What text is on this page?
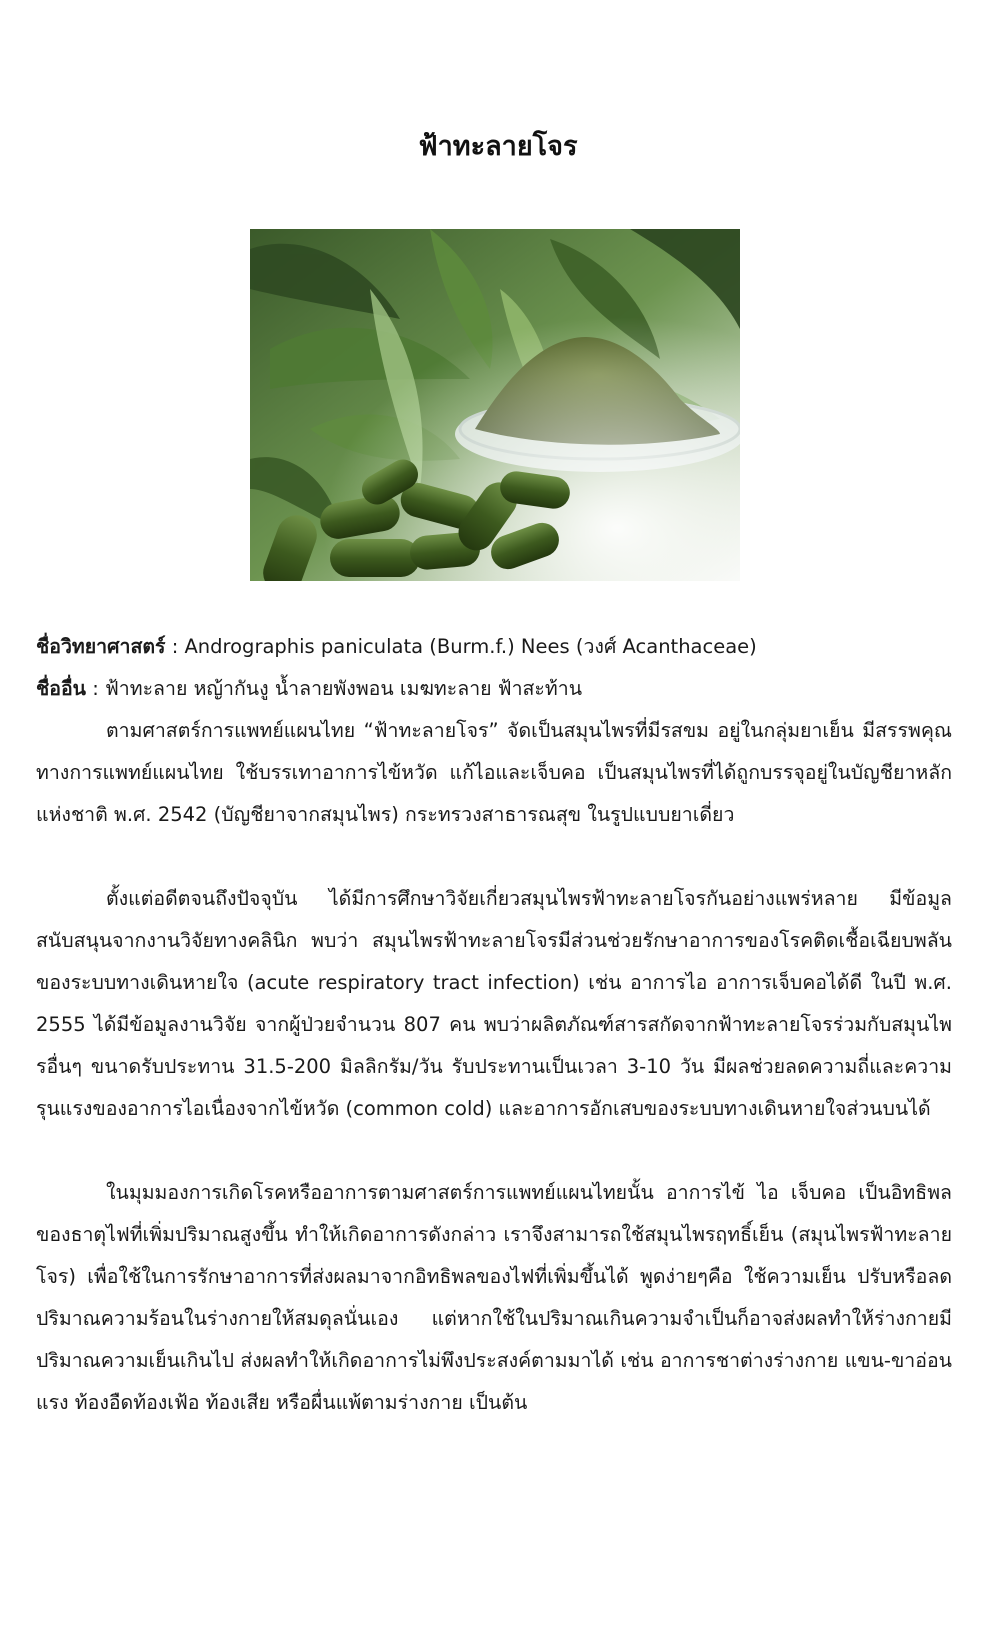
ฟ้าทะลายโจร

ชื่อวิทยาศาสตร์ : Andrographis paniculata (Burm.f.) Nees (วงศ์ Acanthaceae)

ชื่ออื่น : ฟ้าทะลาย หญ้ากันงู น้ำลายพังพอน เมฆทะลาย ฟ้าสะท้าน

ตามศาสตร์การแพทย์แผนไทย “ฟ้าทะลายโจร” จัดเป็นสมุนไพรที่มีรสขม อยู่ในกลุ่มยาเย็น มีสรรพคุณทางการแพทย์แผนไทย ใช้บรรเทาอาการไข้หวัด แก้ไอและเจ็บคอ เป็นสมุนไพรที่ได้ถูกบรรจุอยู่ในบัญชียาหลักแห่งชาติ พ.ศ. 2542 (บัญชียาจากสมุนไพร) กระทรวงสาธารณสุข ในรูปแบบยาเดี่ยว

ตั้งแต่อดีตจนถึงปัจจุบัน ได้มีการศึกษาวิจัยเกี่ยวสมุนไพรฟ้าทะลายโจรกันอย่างแพร่หลาย มีข้อมูลสนับสนุนจากงานวิจัยทางคลินิก พบว่า สมุนไพรฟ้าทะลายโจรมีส่วนช่วยรักษาอาการของโรคติดเชื้อเฉียบพลันของระบบทางเดินหายใจ (acute respiratory tract infection) เช่น อาการไอ อาการเจ็บคอได้ดี ในปี พ.ศ. 2555 ได้มีข้อมูลงานวิจัย จากผู้ป่วยจำนวน 807 คน พบว่าผลิตภัณฑ์สารสกัดจากฟ้าทะลายโจรร่วมกับสมุนไพรอื่นๆ ขนาดรับประทาน 31.5-200 มิลลิกรัม/วัน รับประทานเป็นเวลา 3-10 วัน มีผลช่วยลดความถี่และความรุนแรงของอาการไอเนื่องจากไข้หวัด (common cold) และอาการอักเสบของระบบทางเดินหายใจส่วนบนได้

ในมุมมองการเกิดโรคหรืออาการตามศาสตร์การแพทย์แผนไทยนั้น อาการไข้ ไอ เจ็บคอ เป็นอิทธิพลของธาตุไฟที่เพิ่มปริมาณสูงขึ้น ทำให้เกิดอาการดังกล่าว เราจึงสามารถใช้สมุนไพรฤทธิ์เย็น (สมุนไพรฟ้าทะลายโจร) เพื่อใช้ในการรักษาอาการที่ส่งผลมาจากอิทธิพลของไฟที่เพิ่มขึ้นได้ พูดง่ายๆคือ ใช้ความเย็น ปรับหรือลดปริมาณความร้อนในร่างกายให้สมดุลนั่นเอง แต่หากใช้ในปริมาณเกินความจำเป็นก็อาจส่งผลทำให้ร่างกายมีปริมาณความเย็นเกินไป ส่งผลทำให้เกิดอาการไม่พึงประสงค์ตามมาได้ เช่น อาการชาต่างร่างกาย แขน-ขาอ่อนแรง ท้องอืดท้องเฟ้อ ท้องเสีย หรือผื่นแพ้ตามร่างกาย เป็นต้น
